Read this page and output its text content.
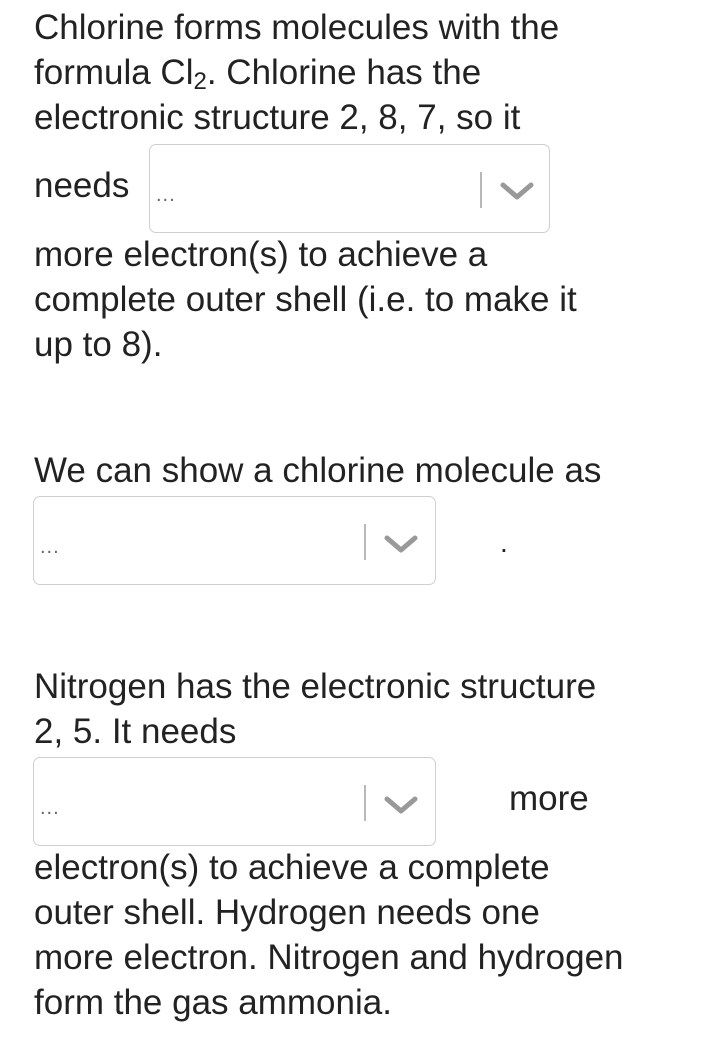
Chlorine forms molecules with the
formula $Cl_2$. Chlorine has the
electronic structure 2, 8, 7, so it
needs ...
more electron(s) to achieve a
complete outer shell (i.e. to make it
up to 8).
We can show a chlorine molecule as
...	.
Nitrogen has the electronic structure
2, 5. It needs
...	more
electron(s) to achieve a complete
outer shell. Hydrogen needs one
more electron. Nitrogen and hydrogen
form the gas ammonia.
